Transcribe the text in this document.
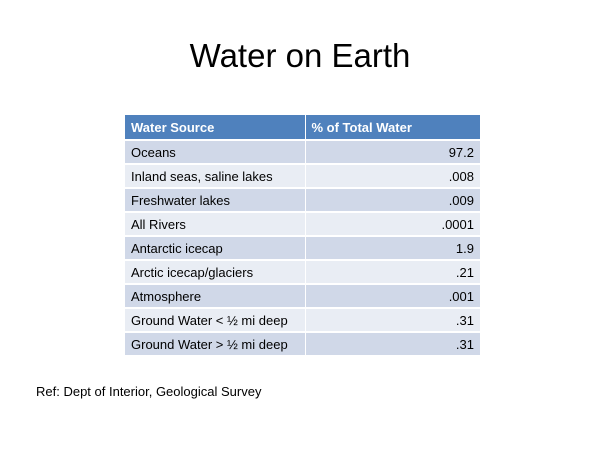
Water on Earth
Water Source	% of Total Water
Oceans	97.2
Inland seas, saline lakes	.008
Freshwater lakes	.009
All Rivers	.0001
Antarctic icecap	1.9
Arctic icecap/glaciers	.21
Atmosphere	.001
Ground Water < ½ mi deep	.31
Ground Water > ½ mi deep	.31

Ref: Dept of Interior, Geological Survey
